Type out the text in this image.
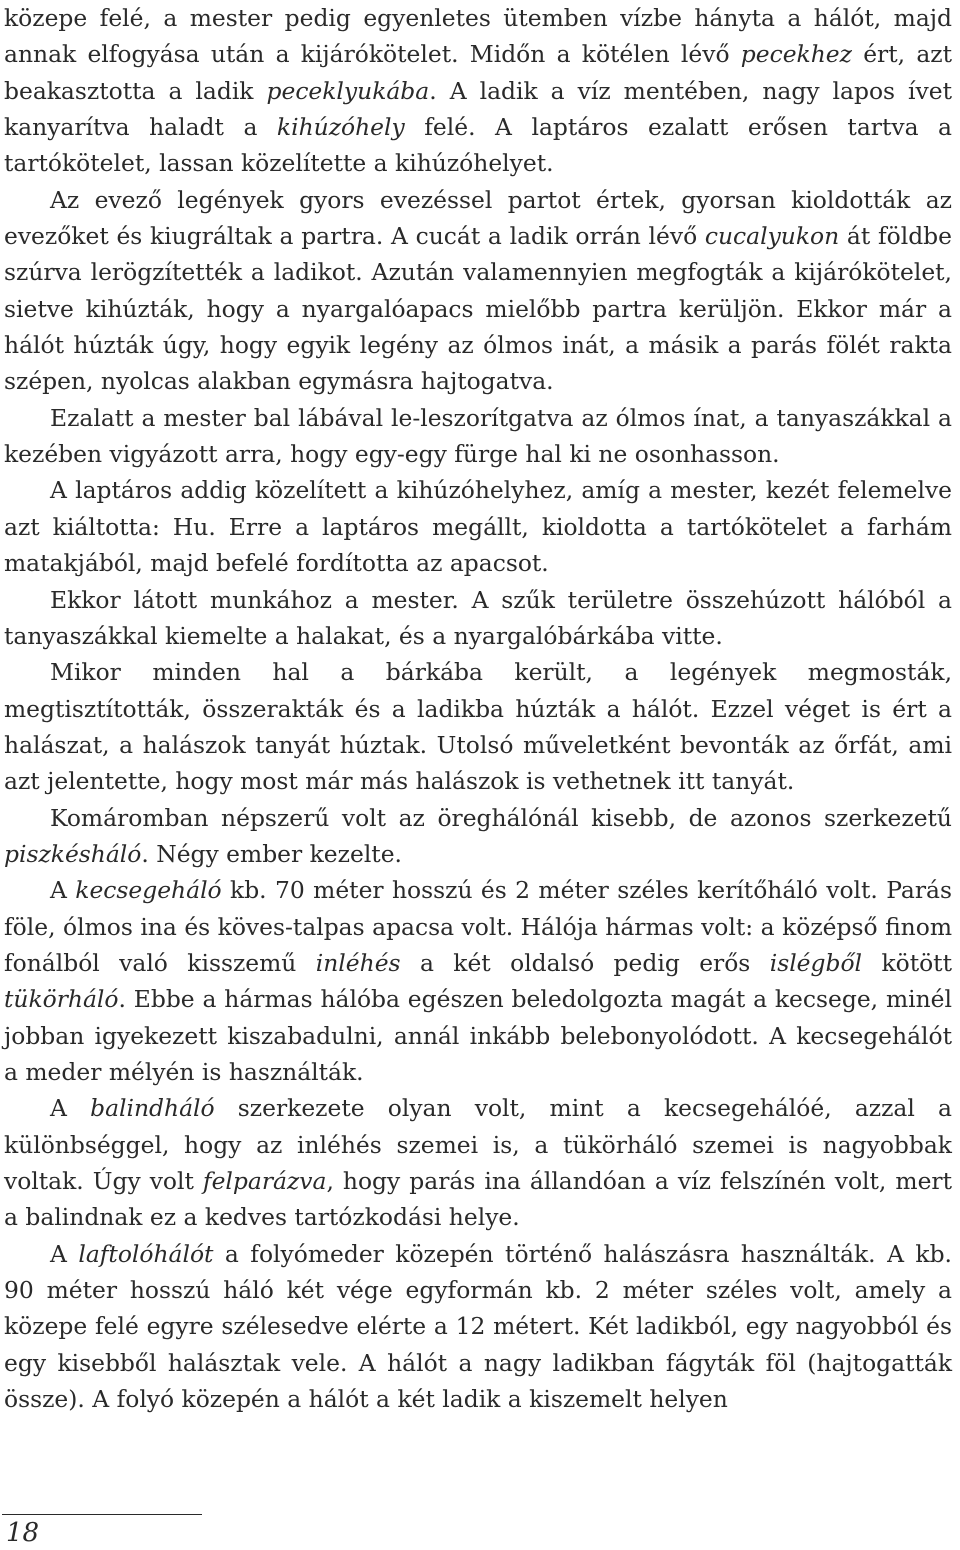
közepe felé, a mester pedig egyenletes ütemben vízbe hányta a hálót, majd annak elfogyása után a kijárókötelet. Midőn a kötélen lévő pecekhez ért, azt beakasztotta a ladik peceklyukába. A ladik a víz mentében, nagy lapos ívet kanyarítva haladt a kihúzóhely felé. A laptáros ezalatt erősen tartva a tartókötelet, lassan közelítette a kihúzóhelyet.

Az evező legények gyors evezéssel partot értek, gyorsan kioldották az evezőket és kiugráltak a partra. A cucát a ladik orrán lévő cucalyukon át földbe szúrva lerögzítették a ladikot. Azután valamennyien megfogták a kijárókötelet, sietve kihúzták, hogy a nyargalóapacs mielőbb partra kerüljön. Ekkor már a hálót húzták úgy, hogy egyik legény az ólmos inát, a másik a parás fölét rakta szépen, nyolcas alakban egymásra hajtogatva.

Ezalatt a mester bal lábával le-leszorítgatva az ólmos ínat, a tanyaszákkal a kezében vigyázott arra, hogy egy-egy fürge hal ki ne osonhasson.

A laptáros addig közelített a kihúzóhelyhez, amíg a mester, kezét felemelve azt kiáltotta: Hu. Erre a laptáros megállt, kioldotta a tartókötelet a farhám matakjából, majd befelé fordította az apacsot.

Ekkor látott munkához a mester. A szűk területre összehúzott hálóból a tanyaszákkal kiemelte a halakat, és a nyargalóbárkába vitte.

Mikor minden hal a bárkába került, a legények megmosták, megtisztították, összerakták és a ladikba húzták a hálót. Ezzel véget is ért a halászat, a halászok tanyát húztak. Utolsó műveletként bevonták az őrfát, ami azt jelentette, hogy most már más halászok is vethetnek itt tanyát.

Komáromban népszerű volt az öreghálónál kisebb, de azonos szerkezetű piszkésháló. Négy ember kezelte.

A kecsegeháló kb. 70 méter hosszú és 2 méter széles kerítőháló volt. Parás föle, ólmos ina és köves-talpas apacsa volt. Hálója hármas volt: a középső finom fonálból való kisszemű inléhés a két oldalsó pedig erős islégből kötött tükörháló. Ebbe a hármas hálóba egészen beledolgozta magát a kecsege, minél jobban igyekezett kiszabadulni, annál inkább belebonyolódott. A kecsegehálót a meder mélyén is használták.

A balindháló szerkezete olyan volt, mint a kecsegehálóé, azzal a különbséggel, hogy az inléhés szemei is, a tükörháló szemei is nagyobbak voltak. Úgy volt felparázva, hogy parás ina állandóan a víz felszínén volt, mert a balindnak ez a kedves tartózkodási helye.

A laftolóhálót a folyómeder közepén történő halászásra használták. A kb. 90 méter hosszú háló két vége egyformán kb. 2 méter széles volt, amely a közepe felé egyre szélesedve elérte a 12 métert. Két ladikból, egy nagyobból és egy kisebből halásztak vele. A hálót a nagy ladikban fágyták föl (hajtogatták össze). A folyó közepén a hálót a két ladik a kiszemelt helyen

18
